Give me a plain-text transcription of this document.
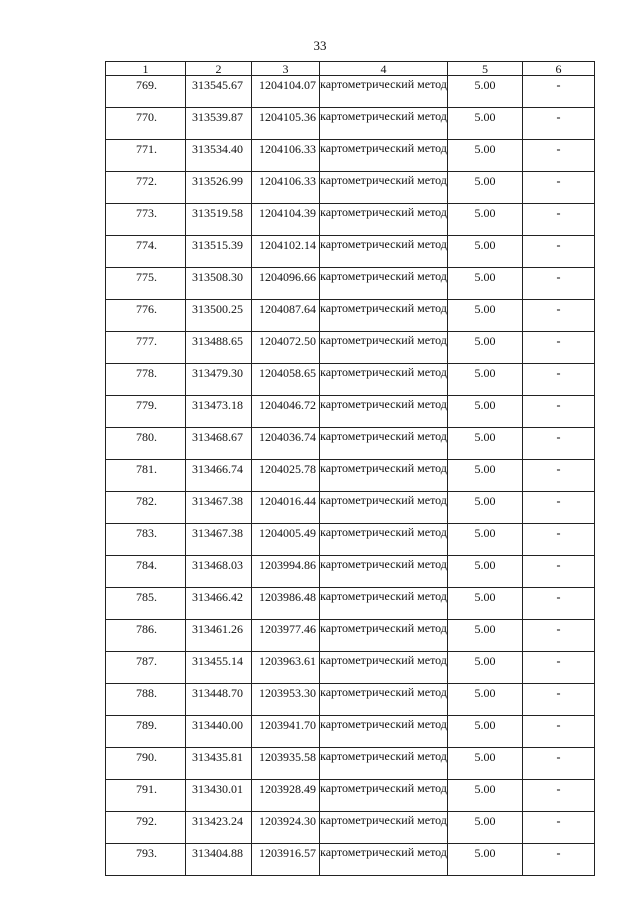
33
1	2	3	4	5	6
769.	313545.67	1204104.07	картометрический метод	5.00	-
770.	313539.87	1204105.36	картометрический метод	5.00	-
771.	313534.40	1204106.33	картометрический метод	5.00	-
772.	313526.99	1204106.33	картометрический метод	5.00	-
773.	313519.58	1204104.39	картометрический метод	5.00	-
774.	313515.39	1204102.14	картометрический метод	5.00	-
775.	313508.30	1204096.66	картометрический метод	5.00	-
776.	313500.25	1204087.64	картометрический метод	5.00	-
777.	313488.65	1204072.50	картометрический метод	5.00	-
778.	313479.30	1204058.65	картометрический метод	5.00	-
779.	313473.18	1204046.72	картометрический метод	5.00	-
780.	313468.67	1204036.74	картометрический метод	5.00	-
781.	313466.74	1204025.78	картометрический метод	5.00	-
782.	313467.38	1204016.44	картометрический метод	5.00	-
783.	313467.38	1204005.49	картометрический метод	5.00	-
784.	313468.03	1203994.86	картометрический метод	5.00	-
785.	313466.42	1203986.48	картометрический метод	5.00	-
786.	313461.26	1203977.46	картометрический метод	5.00	-
787.	313455.14	1203963.61	картометрический метод	5.00	-
788.	313448.70	1203953.30	картометрический метод	5.00	-
789.	313440.00	1203941.70	картометрический метод	5.00	-
790.	313435.81	1203935.58	картометрический метод	5.00	-
791.	313430.01	1203928.49	картометрический метод	5.00	-
792.	313423.24	1203924.30	картометрический метод	5.00	-
793.	313404.88	1203916.57	картометрический метод	5.00	-
